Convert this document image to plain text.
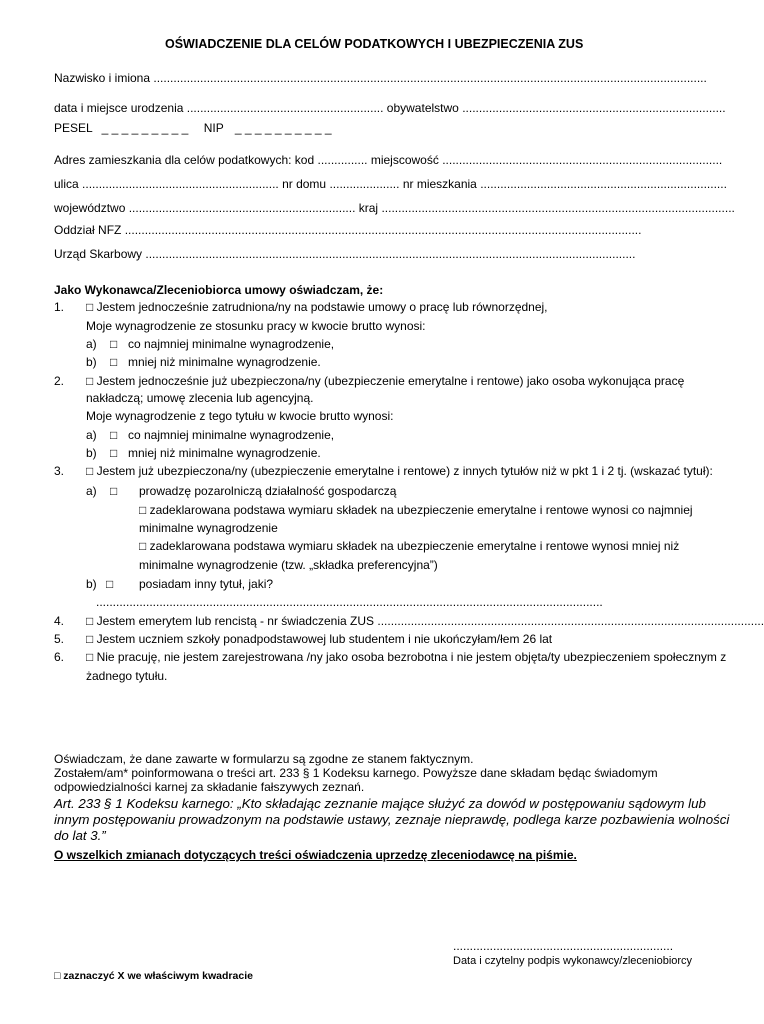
OŚWIADCZENIE DLA CELÓW PODATKOWYCH I UBEZPIECZENIA ZUS
Nazwisko i imiona ......................................................................................................................................................................
data i miejsce urodzenia ........................................................... obywatelstwo ...............................................................................
PESEL _ _ _ _ _ _ _ _ _ NIP _ _ _ _ _ _ _ _ _ _
Adres zamieszkania dla celów podatkowych: kod ............... miejscowość ....................................................................................
ulica ........................................................... nr domu ..................... nr mieszkania ..........................................................................
województwo .................................................................... kraj ..........................................................................................................
Oddział NFZ ...........................................................................................................................................................
Urząd Skarbowy ...................................................................................................................................................
Jako Wykonawca/Zleceniobiorca umowy oświadczam, że:
1. □ Jestem jednocześnie zatrudniona/ny na podstawie umowy o pracę lub równorzędnej,
Moje wynagrodzenie ze stosunku pracy w kwocie brutto wynosi:
a) □ co najmniej minimalne wynagrodzenie,
b) □ mniej niż minimalne wynagrodzenie.
2. □ Jestem jednocześnie już ubezpieczona/ny (ubezpieczenie emerytalne i rentowe) jako osoba wykonująca pracę
nakładczą; umowę zlecenia lub agencyjną.
Moje wynagrodzenie z tego tytułu w kwocie brutto wynosi:
a) □ co najmniej minimalne wynagrodzenie,
b) □ mniej niż minimalne wynagrodzenie.
3. □ Jestem już ubezpieczona/ny (ubezpieczenie emerytalne i rentowe) z innych tytułów niż w pkt 1 i 2 tj. (wskazać tytuł):
a) □ prowadzę pozarolniczą działalność gospodarczą
□ zadeklarowana podstawa wymiaru składek na ubezpieczenie emerytalne i rentowe wynosi co najmniej
minimalne wynagrodzenie
□ zadeklarowana podstawa wymiaru składek na ubezpieczenie emerytalne i rentowe wynosi mniej niż
minimalne wynagrodzenie (tzw. „składka preferencyjna”)
b) □ posiadam inny tytuł, jaki?
........................................................................................................................................................
4. □ Jestem emerytem lub rencistą - nr świadczenia ZUS ....................................................................................................................
5. □ Jestem uczniem szkoły ponadpodstawowej lub studentem i nie ukończyłam/łem 26 lat
6. □ Nie pracuję, nie jestem zarejestrowana /ny jako osoba bezrobotna i nie jestem objęta/ty ubezpieczeniem społecznym z
żadnego tytułu.
Oświadczam, że dane zawarte w formularzu są zgodne ze stanem faktycznym.
Zostałem/am* poinformowana o treści art. 233 § 1 Kodeksu karnego. Powyższe dane składam będąc świadomym
odpowiedzialności karnej za składanie fałszywych zeznań.
Art. 233 § 1 Kodeksu karnego: „Kto składając zeznanie mające służyć za dowód w postępowaniu sądowym lub
innym postępowaniu prowadzonym na podstawie ustawy, zeznaje nieprawdę, podlega karze pozbawienia wolności
do lat 3.”
O wszelkich zmianach dotyczących treści oświadczenia uprzedzę zleceniodawcę na piśmie.
..................................................................
Data i czytelny podpis wykonawcy/zleceniobiorcy
□ zaznaczyć X we właściwym kwadracie
